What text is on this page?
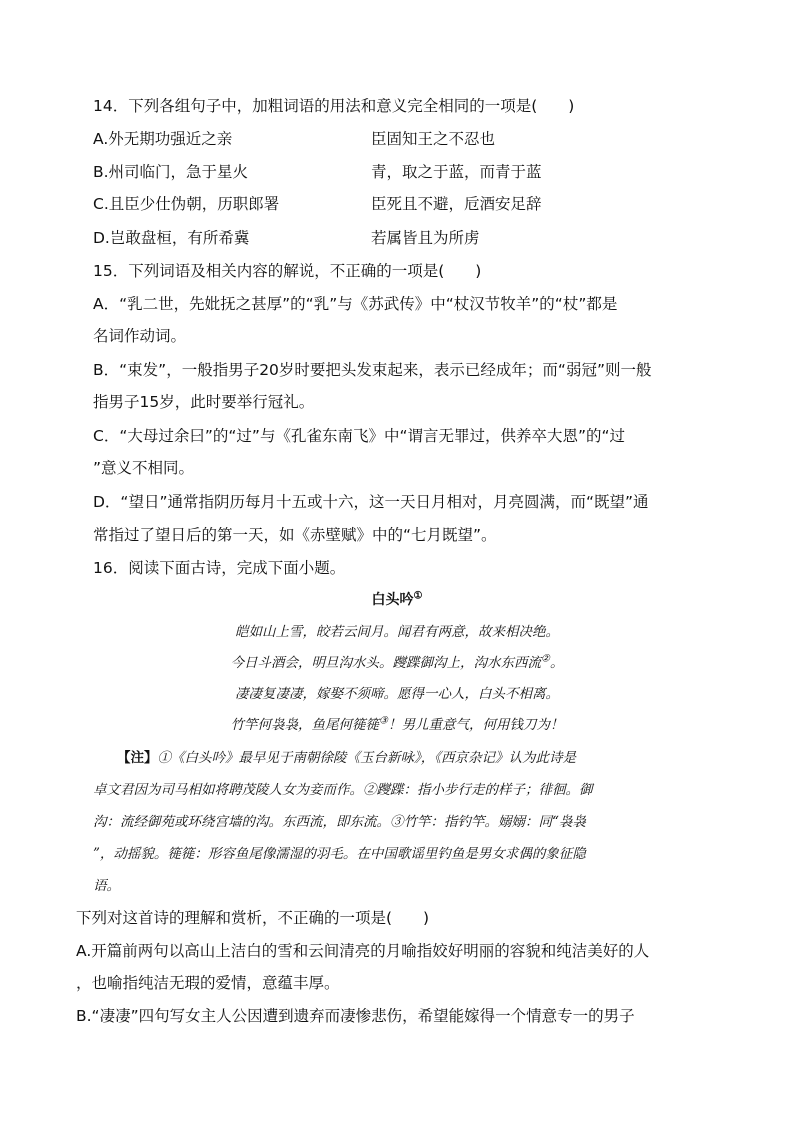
14．下列各组句子中，加粗词语的用法和意义完全相同的一项是(　　)
A.外无期功强近之亲	臣固知王之不忍也
B.州司临门，急于星火	青，取之于蓝，而青于蓝
C.且臣少仕伪朝，历职郎署	臣死且不避，卮酒安足辞
D.岂敢盘桓，有所希冀	若属皆且为所虏
15．下列词语及相关内容的解说，不正确的一项是(　　)
A．“乳二世，先妣抚之甚厚”的“乳”与《苏武传》中“杖汉节牧羊”的“杖”都是
名词作动词。
B．“束发”，一般指男子20岁时要把头发束起来，表示已经成年；而“弱冠”则一般
指男子15岁，此时要举行冠礼。
C．“大母过余曰”的“过”与《孔雀东南飞》中“谓言无罪过，供养卒大恩”的“过
”意义不相同。
D．“望日”通常指阴历每月十五或十六，这一天日月相对，月亮圆满，而“既望”通
常指过了望日后的第一天，如《赤壁赋》中的“七月既望”。
16．阅读下面古诗，完成下面小题。
白头吟①
皑如山上雪，皎若云间月。闻君有两意，故来相决绝。
今日斗酒会，明旦沟水头。躞蹀御沟上，沟水东西流②。
凄凄复凄凄，嫁娶不须啼。愿得一心人，白头不相离。
竹竿何袅袅，鱼尾何簁簁③！男儿重意气，何用钱刀为！
【注】①《白头吟》最早见于南朝徐陵《玉台新咏》，《西京杂记》认为此诗是
卓文君因为司马相如将聘茂陵人女为妾而作。②躞蹀：指小步行走的样子；徘徊。御
沟：流经御苑或环绕宫墙的沟。东西流，即东流。③竹竿：指钓竿。嫋嫋：同“袅袅
”，动摇貌。簁簁：形容鱼尾像濡湿的羽毛。在中国歌谣里钓鱼是男女求偶的象征隐
语。
下列对这首诗的理解和赏析，不正确的一项是(　　)
A.开篇前两句以高山上洁白的雪和云间清亮的月喻指姣好明丽的容貌和纯洁美好的人
，也喻指纯洁无瑕的爱情，意蕴丰厚。
B.“凄凄”四句写女主人公因遭到遗弃而凄惨悲伤，希望能嫁得一个情意专一的男子
